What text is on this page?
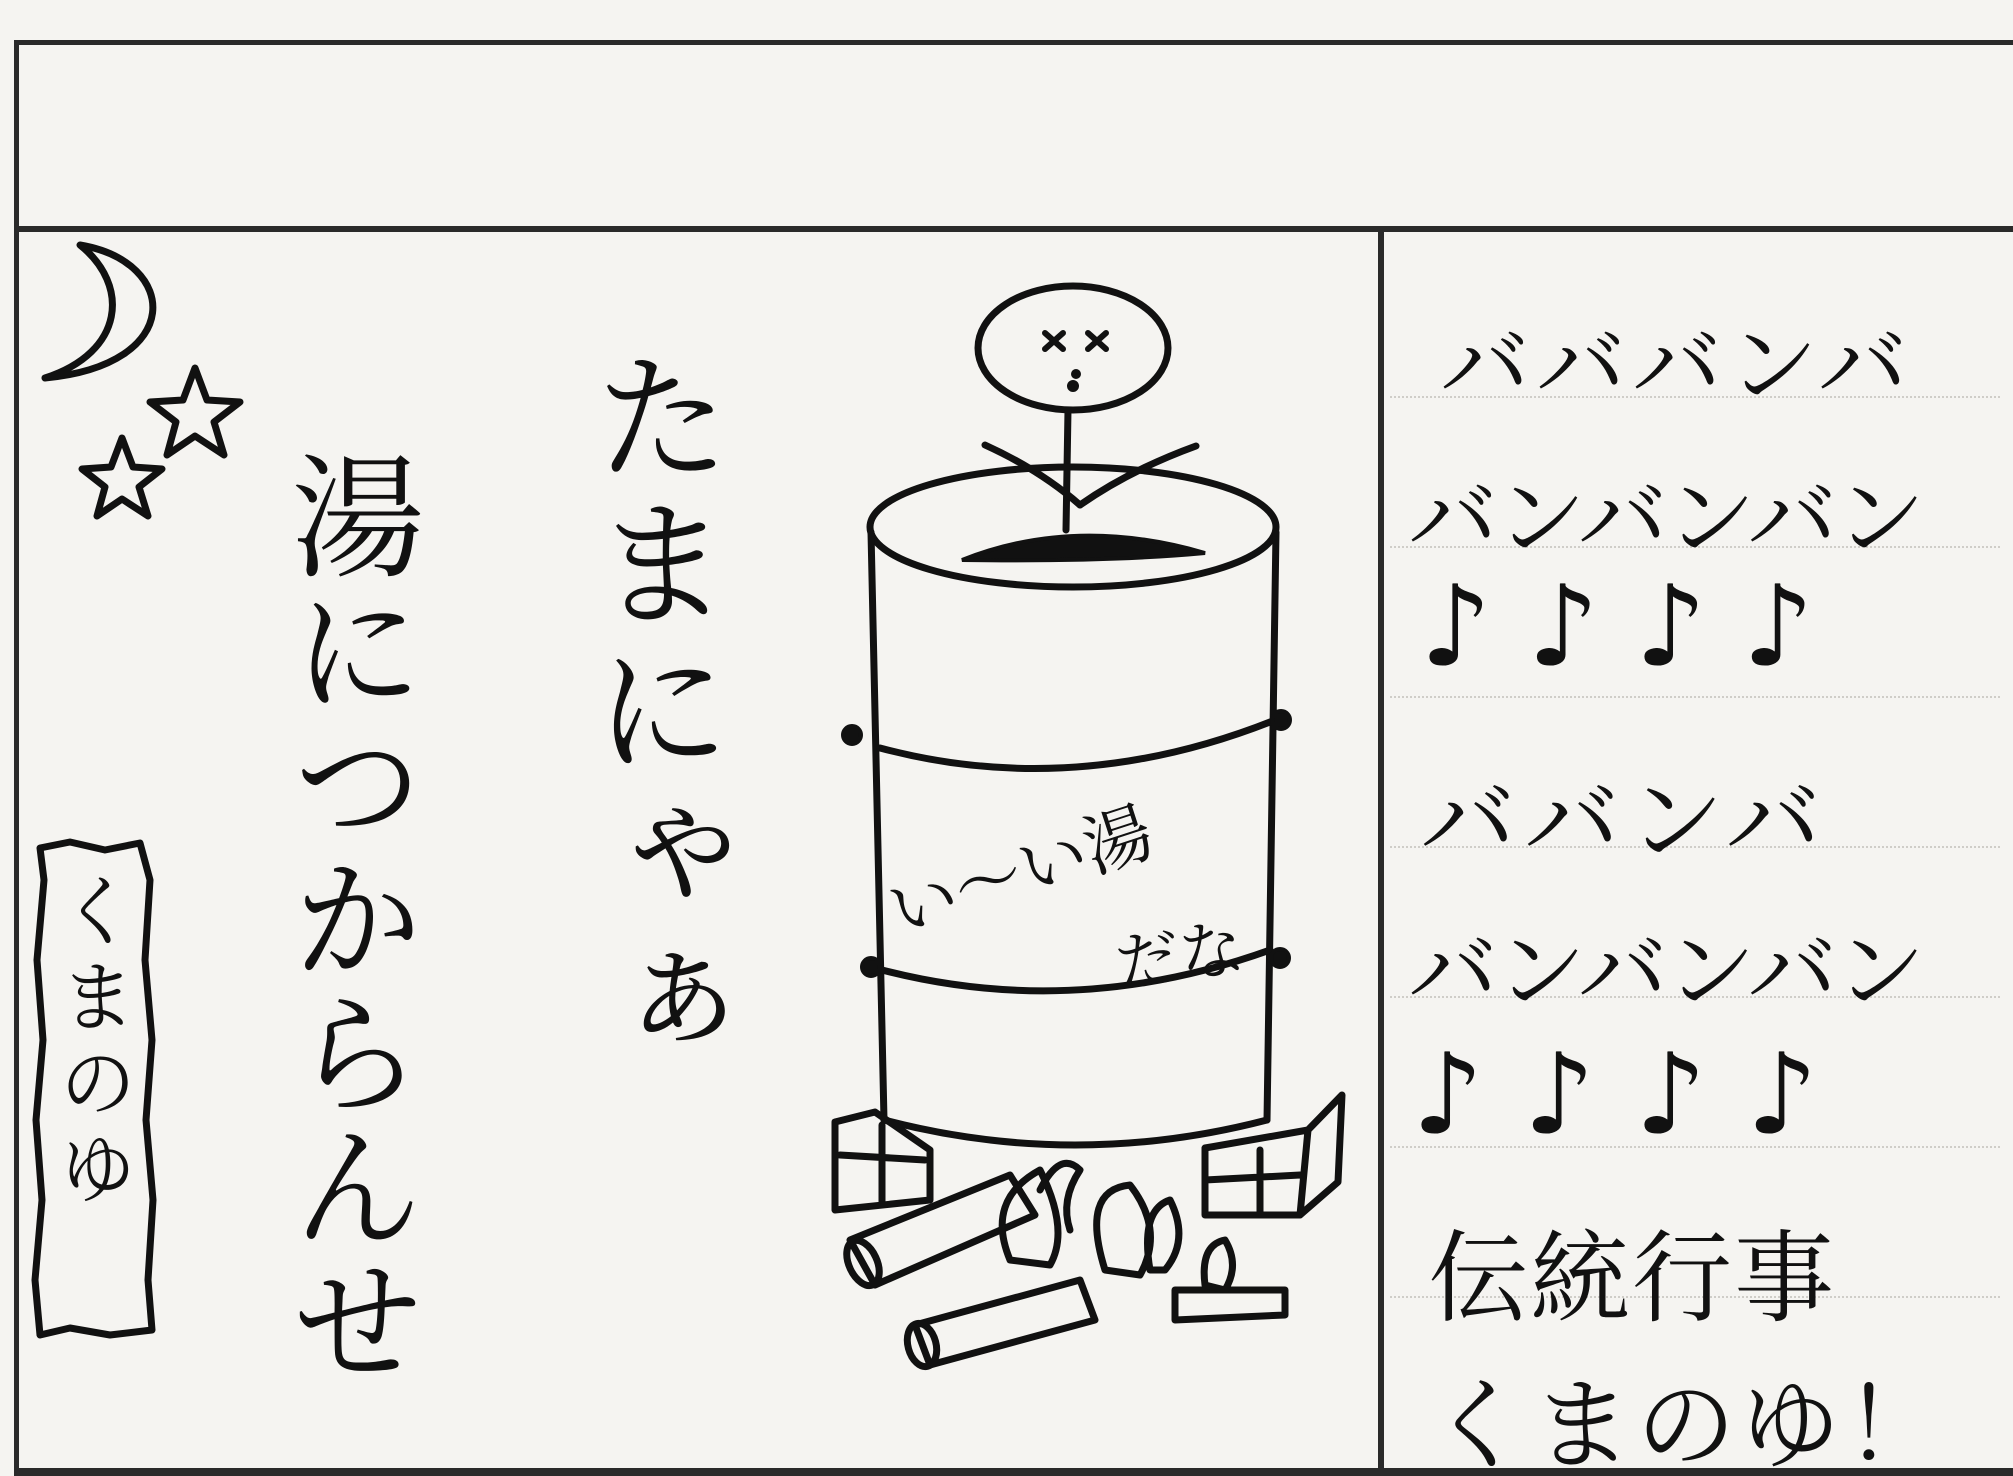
くまのゆ	たまにゃぁ
湯につからんせ	い〜い湯
だな
バババンバ
バンバンバン
♪♪♪♪
ババンバ
バンバンバン
♪♪♪♪
伝統行事
くまのゆ！
